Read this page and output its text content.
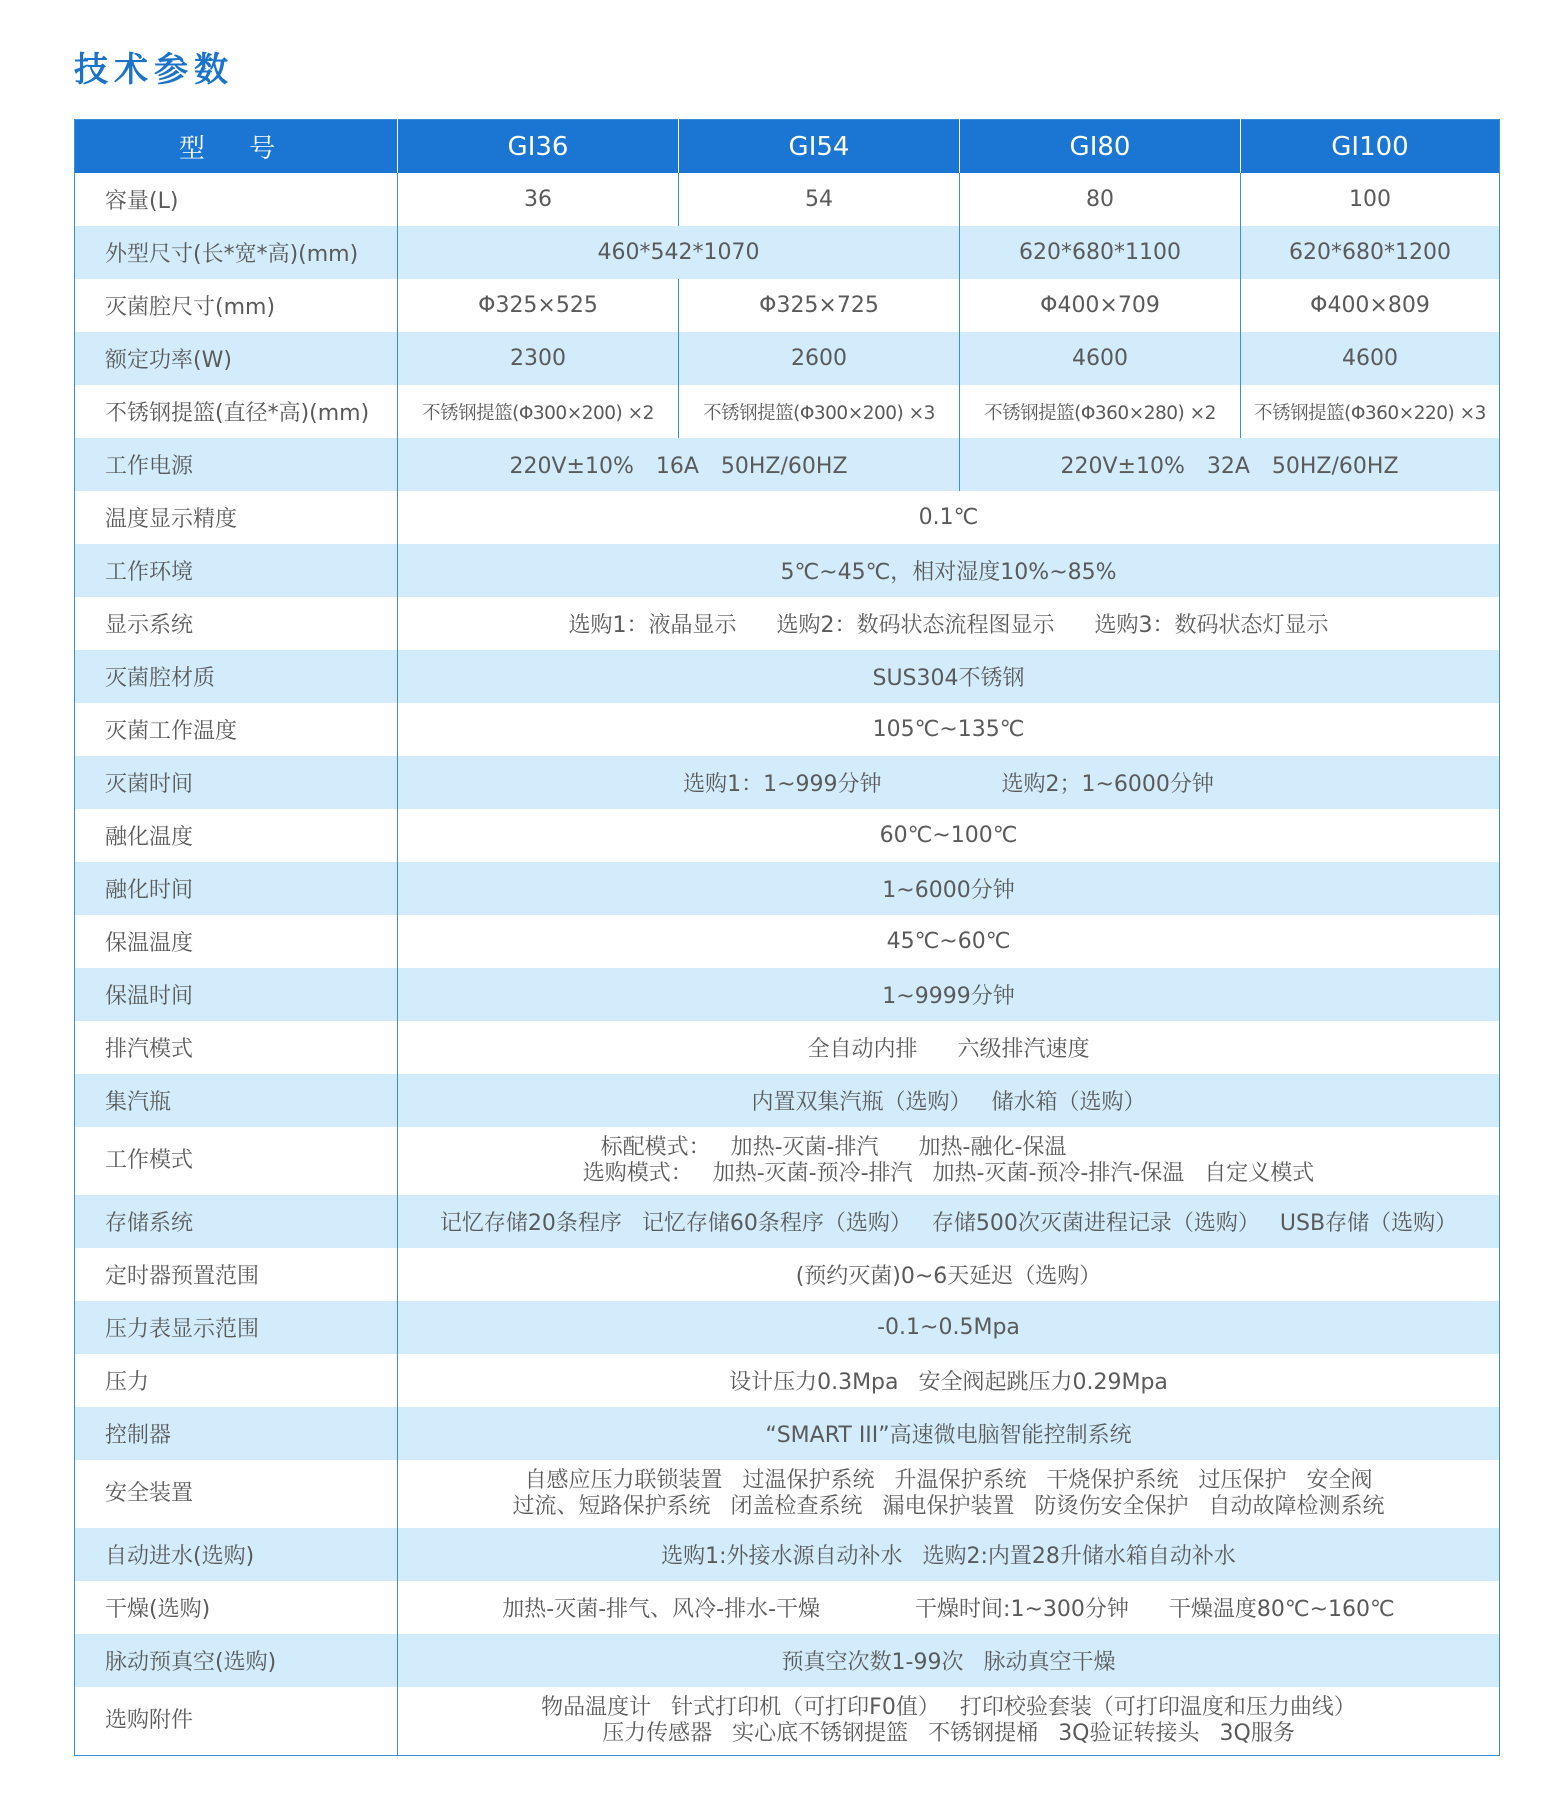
技术参数
型 号	GI36	GI54	GI80	GI100
容量(L)	36	54	80	100
外型尺寸(长*宽*高)(mm)	460*542*1070		620*680*1100	620*680*1200
灭菌腔尺寸(mm)	Φ325×525	Φ325×725	Φ400×709	Φ400×809
额定功率(W)	2300	2600	4600	4600
不锈钢提篮(直径*高)(mm)	不锈钢提篮(Φ300×200) ×2	不锈钢提篮(Φ300×200) ×3	不锈钢提篮(Φ360×280) ×2	不锈钢提篮(Φ360×220) ×3
工作电源	220V±10%　16A　50HZ/60HZ		220V±10%　32A　50HZ/60HZ	
温度显示精度	0.1℃			
工作环境	5℃~45℃，相对湿度10%~85%			
显示系统	选购1：液晶显示 选购2：数码状态流程图显示 选购3：数码状态灯显示			
灭菌腔材质	SUS304不锈钢			
灭菌工作温度	105℃~135℃			
灭菌时间	选购1：1~999分钟 选购2；1~6000分钟			
融化温度	60℃~100℃			
融化时间	1~6000分钟			
保温温度	45℃~60℃			
保温时间	1~9999分钟			
排汽模式	全自动内排 六级排汽速度			
集汽瓶	内置双集汽瓶（选购） 储水箱（选购）			
工作模式	标配模式： 加热-灭菌-排汽 加热-融化-保温
选购模式： 加热-灭菌-预冷-排汽 加热-灭菌-预冷-排汽-保温 自定义模式			

存储系统	记忆存储20条程序 记忆存储60条程序（选购） 存储500次灭菌进程记录（选购） USB存储（选购）			
定时器预置范围	(预约灭菌)0~6天延迟（选购）			
压力表显示范围	-0.1~0.5Mpa			
压力	设计压力0.3Mpa 安全阀起跳压力0.29Mpa			
控制器	“SMART III”高速微电脑智能控制系统			
安全装置	自感应压力联锁装置 过温保护系统 升温保护系统 干烧保护系统 过压保护 安全阀
过流、短路保护系统 闭盖检查系统 漏电保护装置 防烫伤安全保护 自动故障检测系统			

自动进水(选购)	选购1:外接水源自动补水 选购2:内置28升储水箱自动补水			
干燥(选购)	加热-灭菌-排气、风冷-排水-干燥 干燥时间:1~300分钟 干燥温度80℃~160℃			
脉动预真空(选购)	预真空次数1-99次 脉动真空干燥			
选购附件	物品温度计 针式打印机（可打印F0值） 打印校验套装（可打印温度和压力曲线）
压力传感器 实心底不锈钢提篮 不锈钢提桶 3Q验证转接头 3Q服务			
